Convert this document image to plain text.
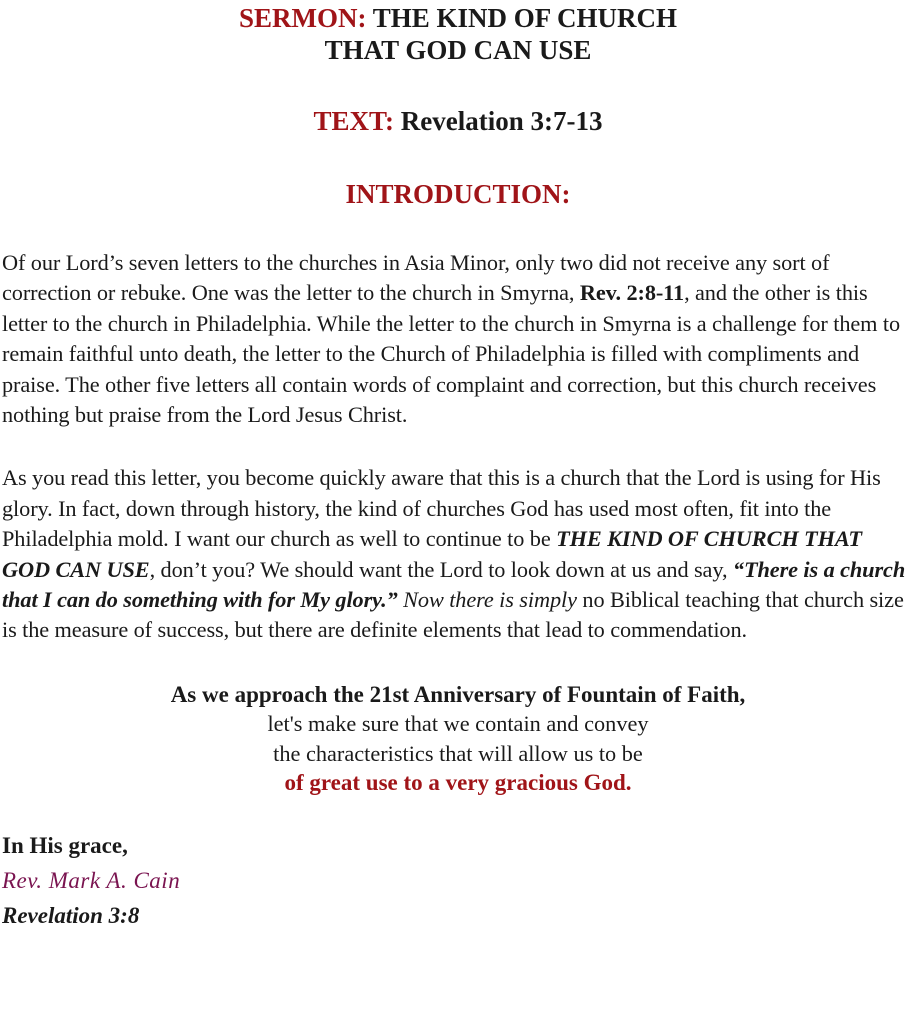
SERMON: THE KIND OF CHURCH
THAT GOD CAN USE
TEXT: Revelation 3:7-13
INTRODUCTION:

Of our Lord’s seven letters to the churches in Asia Minor, only two did not receive any sort of correction or rebuke. One was the letter to the church in Smyrna, Rev. 2:8-11, and the other is this letter to the church in Philadelphia. While the letter to the church in Smyrna is a challenge for them to remain faithful unto death, the letter to the Church of Philadelphia is filled with compliments and praise. The other five letters all contain words of complaint and correction, but this church receives nothing but praise from the Lord Jesus Christ.

As you read this letter, you become quickly aware that this is a church that the Lord is using for His glory. In fact, down through history, the kind of churches God has used most often, fit into the Philadelphia mold. I want our church as well to continue to be THE KIND OF CHURCH THAT GOD CAN USE, don’t you? We should want the Lord to look down at us and say, “There is a church that I can do something with for My glory.” Now there is simply no Biblical teaching that church size is the measure of success, but there are definite elements that lead to commendation.

As we approach the 21st Anniversary of Fountain of Faith,
let's make sure that we contain and convey
the characteristics that will allow us to be
of great use to a very gracious God.
In His grace,
Rev. Mark A. Cain
Revelation 3:8
